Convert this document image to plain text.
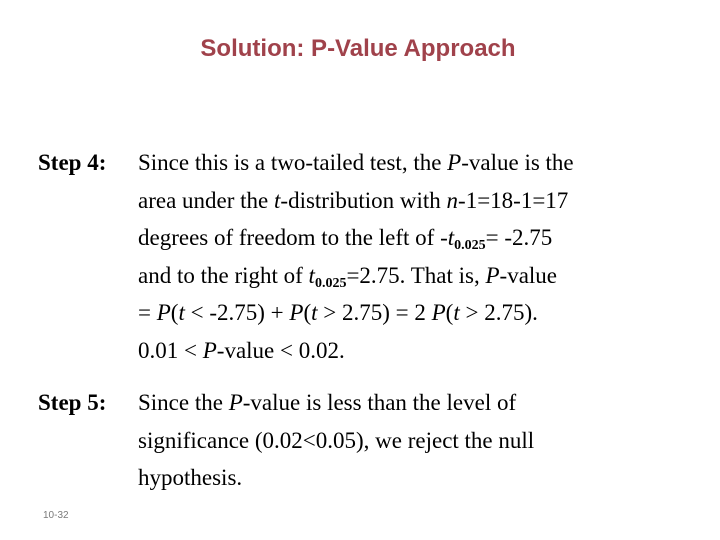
Solution: P-Value Approach
Step 4: Since this is a two-tailed test, the P-value is the
area under the t-distribution with n-1=18-1=17
degrees of freedom to the left of $-t_{0.025}= -2.75$
and to the right of $t_{0.025}=2.75$. That is, P-value
= P(t < -2.75) + P(t > 2.75) = 2 P(t > 2.75).
0.01 < P-value < 0.02.
Step 5: Since the P-value is less than the level of
significance (0.02<0.05), we reject the null
hypothesis.
10-32
